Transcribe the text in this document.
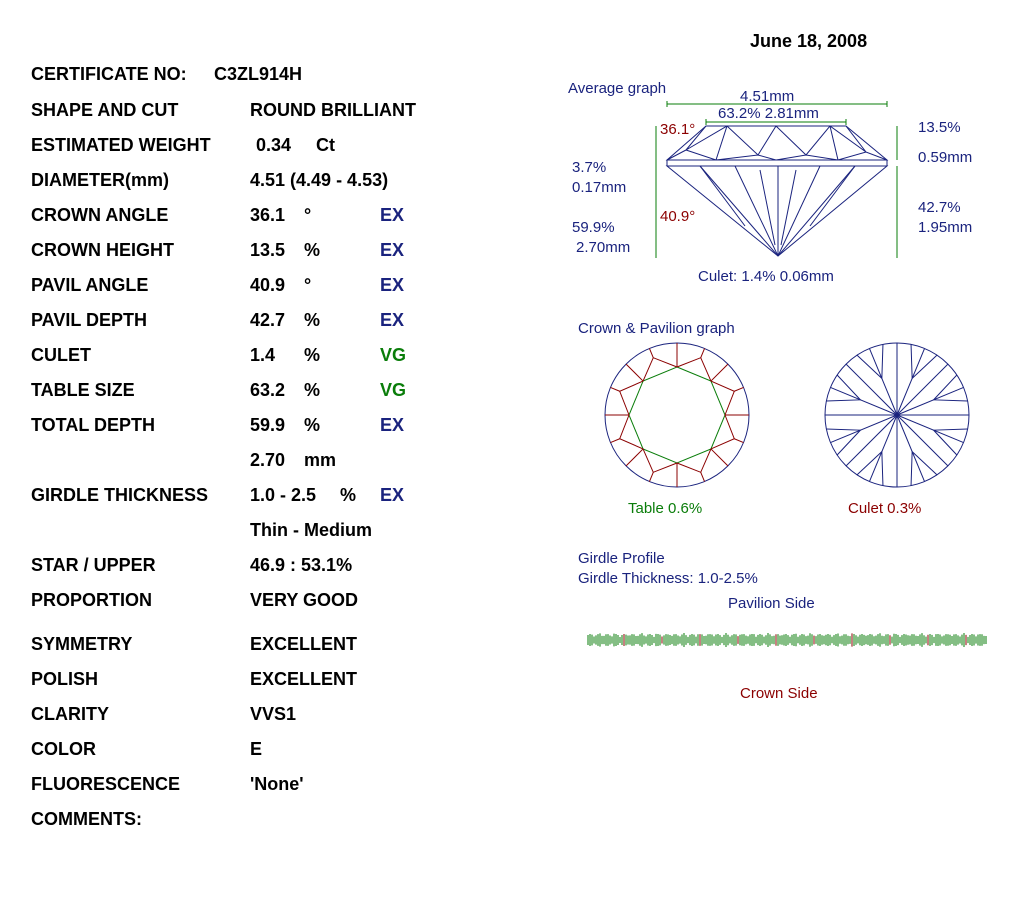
June 18, 2008
CERTIFICATE NO: C3ZL914H
SHAPE AND CUT	ROUND BRILLIANT
ESTIMATED WEIGHT	0.34 Ct
DIAMETER(mm)	4.51 (4.49 - 4.53)
CROWN ANGLE	36.1 °	EX
CROWN HEIGHT	13.5 %	EX
PAVIL ANGLE	40.9 °	EX
PAVIL DEPTH	42.7 %	EX
CULET	1.4 %	VG
TABLE SIZE	63.2 %	VG
TOTAL DEPTH	59.9 %	EX
2.70 mm
GIRDLE THICKNESS 1.0 - 2.5 % EX
Thin - Medium
STAR / UPPER	46.9 : 53.1%
PROPORTION	VERY GOOD
SYMMETRY	EXCELLENT
POLISH	EXCELLENT
CLARITY	VVS1
COLOR	E
FLUORESCENCE	'None'
COMMENTS:
Average graph	4.51mm
63.2% 2.81mm
36.1°	13.5%
0.59mm
3.7%
0.17mm
42.7%
1.95mm
40.9°
59.9%
2.70mm
Culet: 1.4% 0.06mm
Crown & Pavilion graph
Table 0.6%	Culet 0.3%
Girdle Profile
Girdle Thickness: 1.0-2.5%
Pavilion Side
Crown Side
